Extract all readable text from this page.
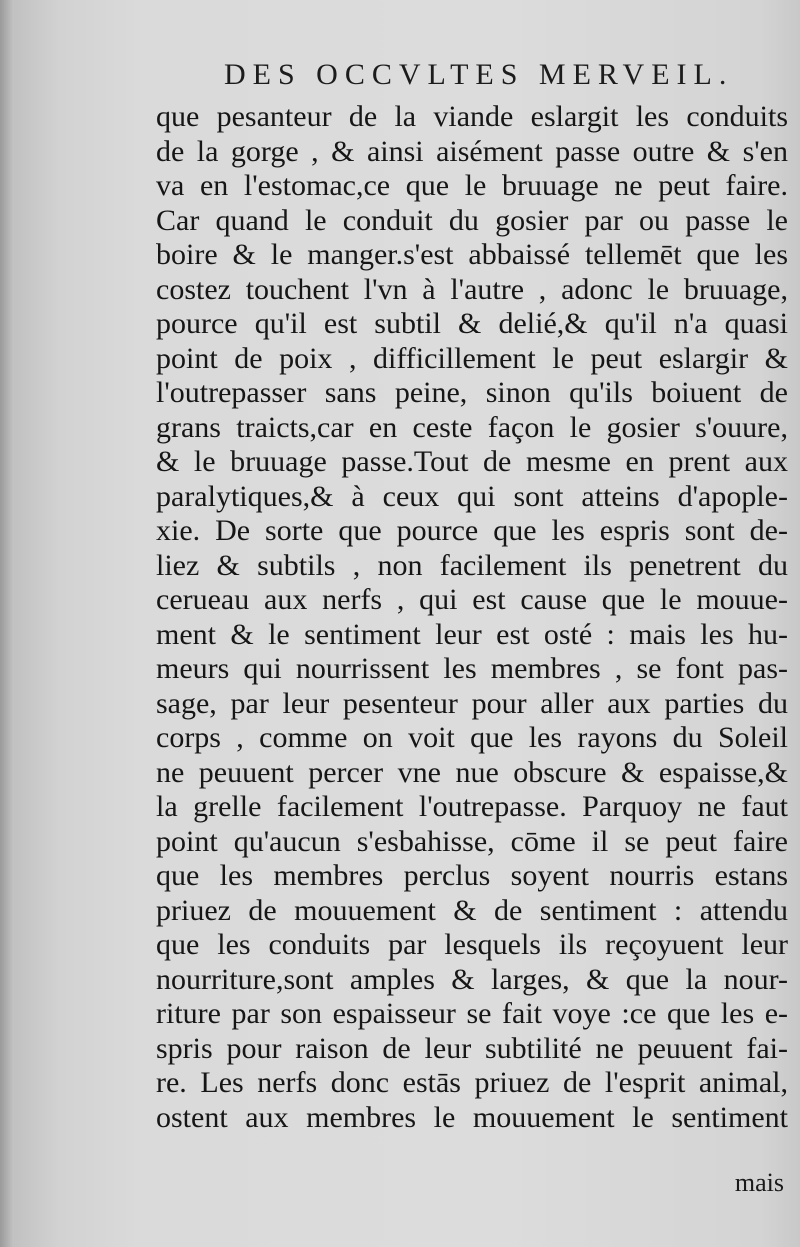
DES OCCVLTES MERVEIL.
que pesanteur de la viande eslargit les conduits
de la gorge , & ainsi aisément passe outre & s'en
va en l'estomac,ce que le bruuage ne peut faire.
Car quand le conduit du gosier par ou passe le
boire & le manger.s'est abbaissé tellemēt que les
costez touchent l'vn à l'autre , adonc le bruuage,
pource qu'il est subtil & delié,& qu'il n'a quasi
point de poix , difficillement le peut eslargir &
l'outrepasser sans peine, sinon qu'ils boiuent de
grans traicts,car en ceste façon le gosier s'ouure,
& le bruuage passe.Tout de mesme en prent aux
paralytiques,& à ceux qui sont atteins d'apople-
xie. De sorte que pource que les espris sont de-
liez & subtils , non facilement ils penetrent du
cerueau aux nerfs , qui est cause que le mouue-
ment & le sentiment leur est osté : mais les hu-
meurs qui nourrissent les membres , se font pas-
sage, par leur pesenteur pour aller aux parties du
corps , comme on voit que les rayons du Soleil
ne peuuent percer vne nue obscure & espaisse,&
la grelle facilement l'outrepasse. Parquoy ne faut
point qu'aucun s'esbahisse, cōme il se peut faire
que les membres perclus soyent nourris estans
priuez de mouuement & de sentiment : attendu
que les conduits par lesquels ils reçoyuent leur
nourriture,sont amples & larges, & que la nour-
riture par son espaisseur se fait voye :ce que les e-
spris pour raison de leur subtilité ne peuuent fai-
re. Les nerfs donc estās priuez de l'esprit animal,
ostent aux membres le mouuement le sentiment
mais
